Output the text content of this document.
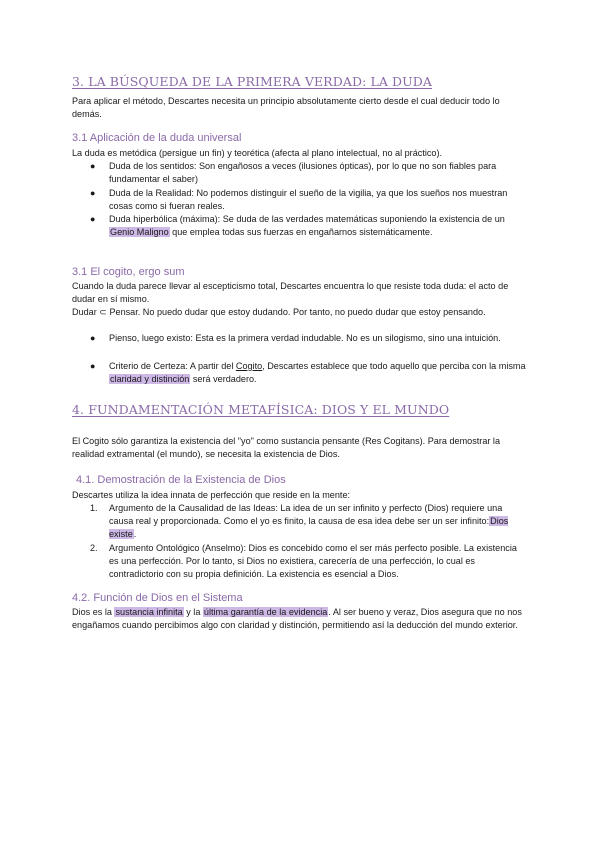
3. LA BÚSQUEDA DE LA PRIMERA VERDAD: LA DUDA

Para aplicar el método, Descartes necesita un principio absolutamente cierto desde el cual deducir todo lo demás.

3.1 Aplicación de la duda universal

La duda es metódica (persigue un fin) y teorética (afecta al plano intelectual, no al práctico).

● Duda de los sentidos: Son engañosos a veces (ilusiones ópticas), por lo que no son fiables para fundamentar el saber)
● Duda de la Realidad: No podemos distinguir el sueño de la vigilia, ya que los sueños nos muestran cosas como si fueran reales.
● Duda hiperbólica (máxima): Se duda de las verdades matemáticas suponiendo la existencia de un Genio Maligno que emplea todas sus fuerzas en engañarnos sistemáticamente.
3.1 El cogito, ergo sum

Cuando la duda parece llevar al escepticismo total, Descartes encuentra lo que resiste toda duda: el acto de dudar en sí mismo.

Dudar ⊂ Pensar. No puedo dudar que estoy dudando. Por tanto, no puedo dudar que estoy pensando.

● Pienso, luego existo: Esta es la primera verdad indudable. No es un silogismo, sino una intuición.
● Criterio de Certeza: A partir del Cogito, Descartes establece que todo aquello que perciba con la misma claridad y distinción será verdadero.
4. FUNDAMENTACIÓN METAFÍSICA: DIOS Y EL MUNDO

El Cogito sólo garantiza la existencia del "yo" como sustancia pensante (Res Cogitans). Para demostrar la realidad extramental (el mundo), se necesita la existencia de Dios.

4.1. Demostración de la Existencia de Dios

Descartes utiliza la idea innata de perfección que reside en la mente:

1. Argumento de la Causalidad de las Ideas: La idea de un ser infinito y perfecto (Dios) requiere una causa real y proporcionada. Como el yo es finito, la causa de esa idea debe ser un ser infinito:Dios existe.
2. Argumento Ontológico (Anselmo): Dios es concebido como el ser más perfecto posible. La existencia es una perfección. Por lo tanto, si Dios no existiera, carecería de una perfección, lo cual es contradictorio con su propia definición. La existencia es esencial a Dios.
4.2. Función de Dios en el Sistema

Dios es la sustancia infinita y la última garantía de la evidencia. Al ser bueno y veraz, Dios asegura que no nos engañamos cuando percibimos algo con claridad y distinción, permitiendo así la deducción del mundo exterior.
